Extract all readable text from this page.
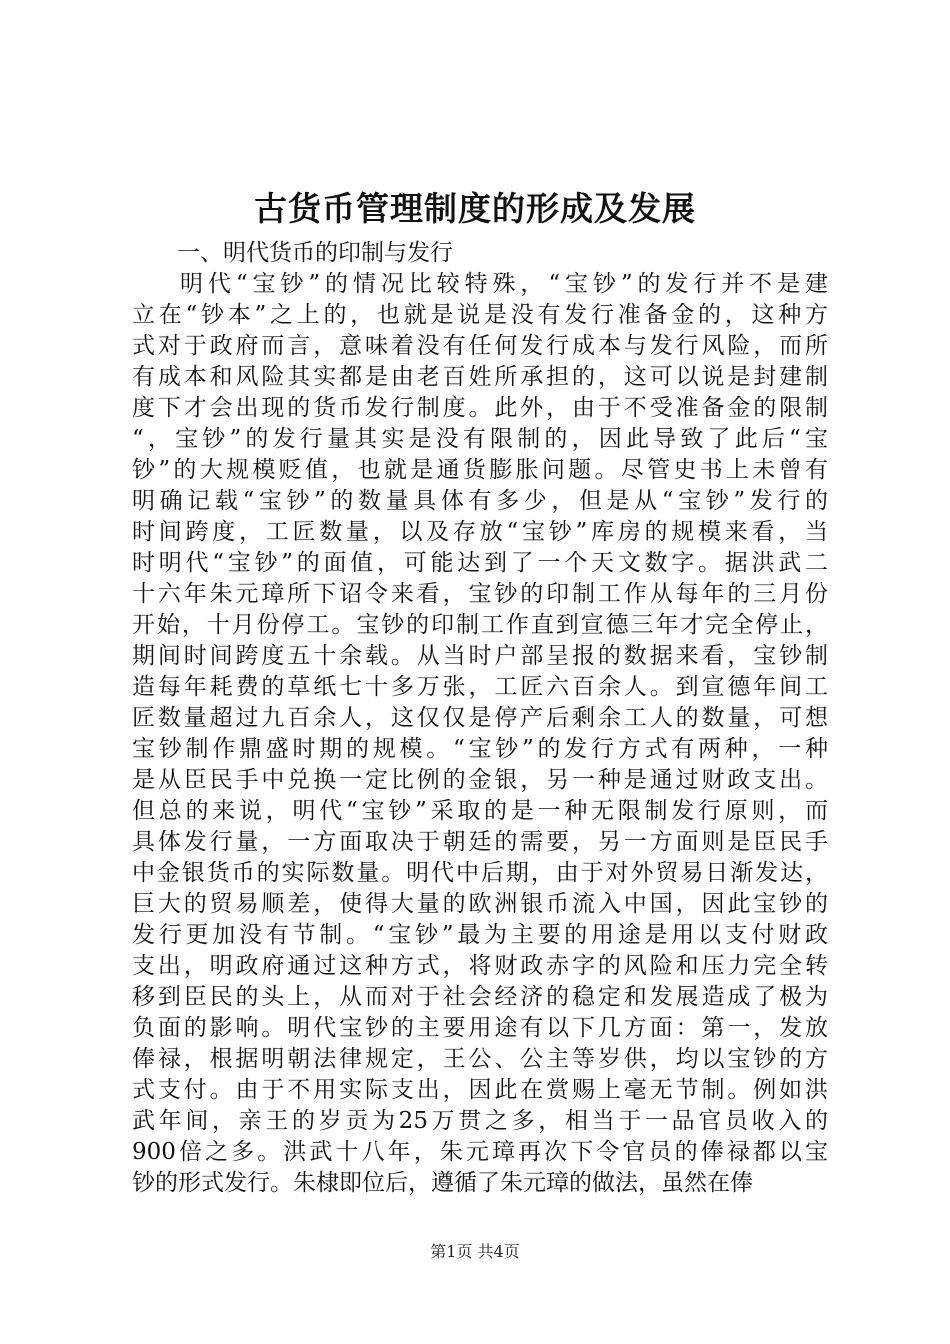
古货币管理制度的形成及发展
一、明代货币的印制与发行
明代“宝钞”的情况比较特殊，“宝钞”的发行并不是建
立在“钞本”之上的，也就是说是没有发行准备金的，这种方
式对于政府而言，意味着没有任何发行成本与发行风险，而所
有成本和风险其实都是由老百姓所承担的，这可以说是封建制
度下才会出现的货币发行制度。此外，由于不受准备金的限制
“，宝钞”的发行量其实是没有限制的，因此导致了此后“宝
钞”的大规模贬值，也就是通货膨胀问题。尽管史书上未曾有
明确记载“宝钞”的数量具体有多少，但是从“宝钞”发行的
时间跨度，工匠数量，以及存放“宝钞”库房的规模来看，当
时明代“宝钞”的面值，可能达到了一个天文数字。据洪武二
十六年朱元璋所下诏令来看，宝钞的印制工作从每年的三月份
开始，十月份停工。宝钞的印制工作直到宣德三年才完全停止，
期间时间跨度五十余载。从当时户部呈报的数据来看，宝钞制
造每年耗费的草纸七十多万张，工匠六百余人。到宣德年间工
匠数量超过九百余人，这仅仅是停产后剩余工人的数量，可想
宝钞制作鼎盛时期的规模。“宝钞”的发行方式有两种，一种
是从臣民手中兑换一定比例的金银，另一种是通过财政支出。
但总的来说，明代“宝钞”采取的是一种无限制发行原则，而
具体发行量，一方面取决于朝廷的需要，另一方面则是臣民手
中金银货币的实际数量。明代中后期，由于对外贸易日渐发达，
巨大的贸易顺差，使得大量的欧洲银币流入中国，因此宝钞的
发行更加没有节制。“宝钞”最为主要的用途是用以支付财政
支出，明政府通过这种方式，将财政赤字的风险和压力完全转
移到臣民的头上，从而对于社会经济的稳定和发展造成了极为
负面的影响。明代宝钞的主要用途有以下几方面：第一，发放
俸禄，根据明朝法律规定，王公、公主等岁供，均以宝钞的方
式支付。由于不用实际支出，因此在赏赐上毫无节制。例如洪
武年间，亲王的岁贡为25万贯之多，相当于一品官员收入的
900倍之多。洪武十八年，朱元璋再次下令官员的俸禄都以宝
钞的形式发行。朱棣即位后，遵循了朱元璋的做法，虽然在俸
第1页 共4页
